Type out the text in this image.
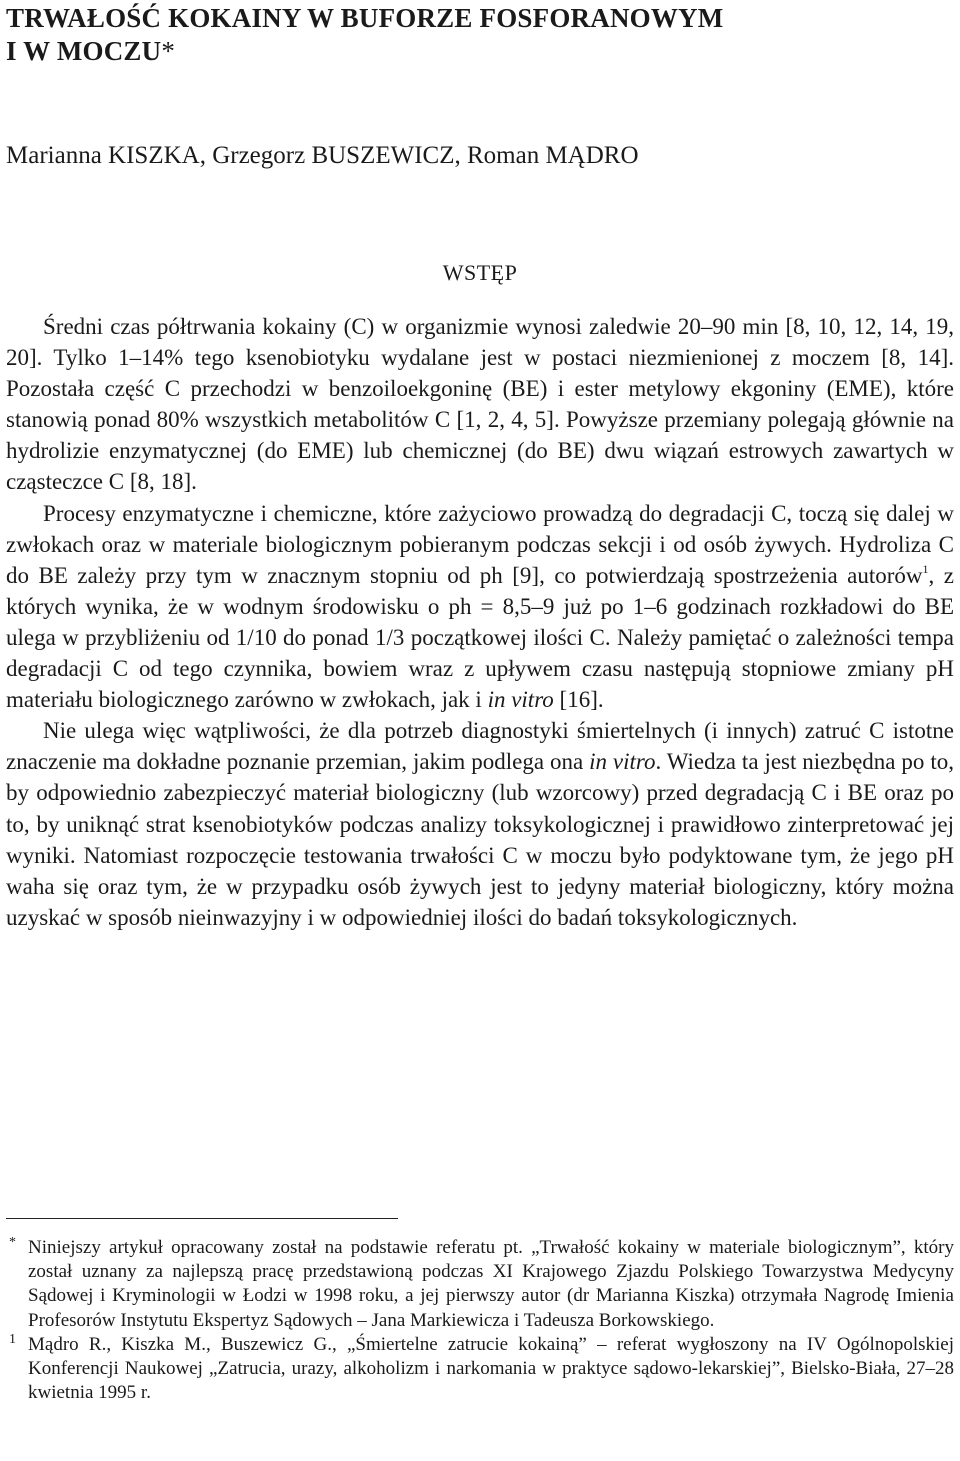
TRWAŁOŚĆ KOKAINY W BUFORZE FOSFORANOWYM
I W MOCZU*
Marianna KISZKA, Grzegorz BUSZEWICZ, Roman MĄDRO
WSTĘP

Średni czas półtrwania kokainy (C) w organizmie wynosi zaledwie 20–90 min [8, 10, 12, 14, 19, 20]. Tylko 1–14% tego ksenobiotyku wydalane jest w postaci niezmienionej z moczem [8, 14]. Pozostała część C przechodzi w benzoiloekgoninę (BE) i ester metylowy ekgoniny (EME), które stanowią ponad 80% wszystkich metabolitów C [1, 2, 4, 5]. Powyższe przemiany polegają głównie na hydrolizie enzymatycznej (do EME) lub chemicznej (do BE) dwu wiązań estrowych zawartych w cząsteczce C [8, 18].

Procesy enzymatyczne i chemiczne, które zażyciowo prowadzą do degradacji C, toczą się dalej w zwłokach oraz w materiale biologicznym pobieranym podczas sekcji i od osób żywych. Hydroliza C do BE zależy przy tym w znacznym stopniu od ph [9], co potwierdzają spostrzeżenia autorów$^1$, z których wynika, że w wodnym środowisku o ph = 8,5–9 już po 1–6 godzinach rozkładowi do BE ulega w przybliżeniu od 1/10 do ponad 1/3 początkowej ilości C. Należy pamiętać o zależności tempa degradacji C od tego czynnika, bowiem wraz z upływem czasu następują stopniowe zmiany pH materiału biologicznego zarówno w zwłokach, jak i in vitro [16].

Nie ulega więc wątpliwości, że dla potrzeb diagnostyki śmiertelnych (i innych) zatruć C istotne znaczenie ma dokładne poznanie przemian, jakim podlega ona in vitro. Wiedza ta jest niezbędna po to, by odpowiednio zabezpieczyć materiał biologiczny (lub wzorcowy) przed degradacją C i BE oraz po to, by uniknąć strat ksenobiotyków podczas analizy toksykologicznej i prawidłowo zinterpretować jej wyniki. Natomiast rozpoczęcie testowania trwałości C w moczu było podyktowane tym, że jego pH waha się oraz tym, że w przypadku osób żywych jest to jedyny materiał biologiczny, który można uzyskać w sposób nieinwazyjny i w odpowiedniej ilości do badań toksykologicznych.

* Niniejszy artykuł opracowany został na podstawie referatu pt. „Trwałość kokainy w materiale biologicznym”, który został uznany za najlepszą pracę przedstawioną podczas XI Krajowego Zjazdu Polskiego Towarzystwa Medycyny Sądowej i Kryminologii w Łodzi w 1998 roku, a jej pierwszy autor (dr Marianna Kiszka) otrzymała Nagrodę Imienia Profesorów Instytutu Ekspertyz Sądowych – Jana Markiewicza i Tadeusza Borkowskiego.
1 Mądro R., Kiszka M., Buszewicz G., „Śmiertelne zatrucie kokainą” – referat wygłoszony na IV Ogólnopolskiej Konferencji Naukowej „Zatrucia, urazy, alkoholizm i narkomania w praktyce sądowo-lekarskiej”, Bielsko-Biała, 27–28 kwietnia 1995 r.
